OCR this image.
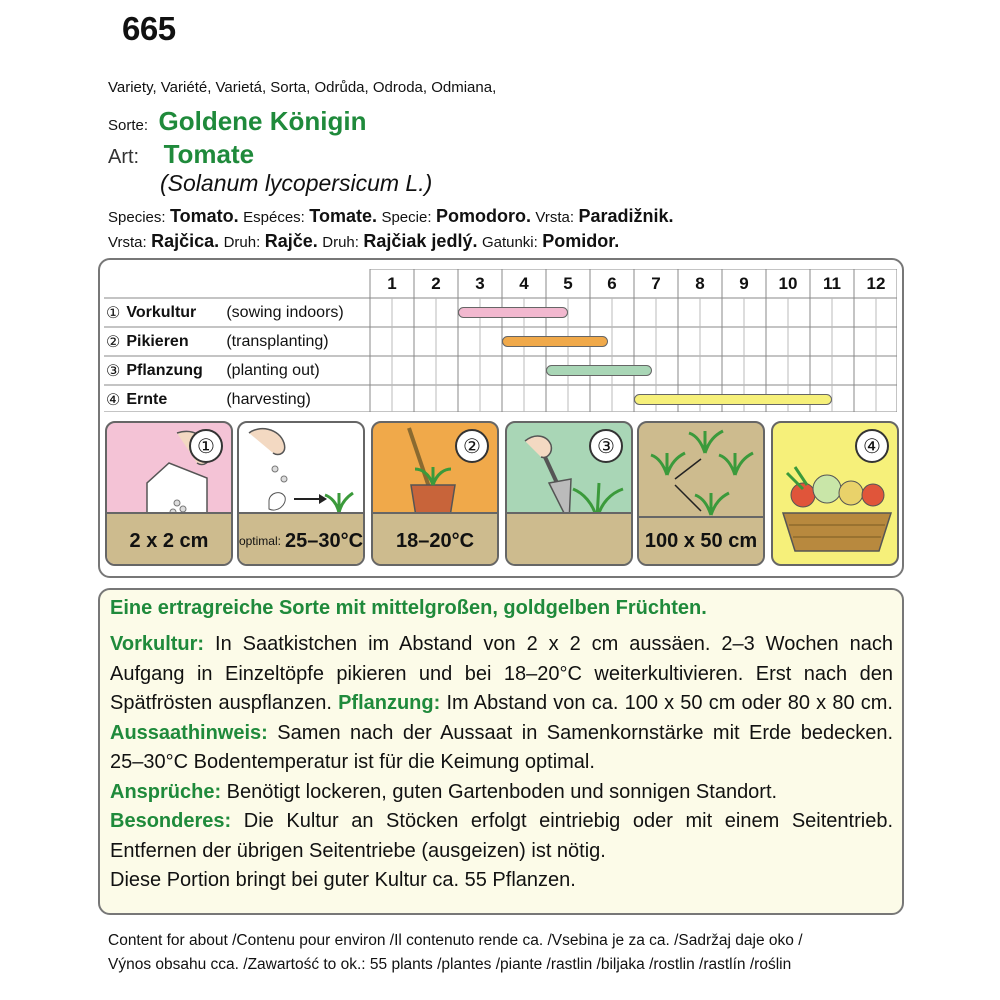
665
Variety, Variété, Varietá, Sorta, Odrůda, Odroda, Odmiana,
Sorte: Goldene Königin
Art: Tomate
(Solanum lycopersicum L.)
Species: Tomato. Espéces: Tomate. Specie: Pomodoro. Vrsta: Paradižnik.
Vrsta: Rajčica. Druh: Rajče. Druh: Rajčiak jedlý. Gatunki: Pomidor.
1	2	3	4	5	6	7	8	9	10	11	12
① Vorkultur	(sowing indoors)
② Pikieren	(transplanting)
③ Pflanzung	(planting out)
④ Ernte	(harvesting)
①
2 x 2 cm	optimal: 25–30°C
②
18–20°C
③
100 x 50 cm
④
Eine ertragreiche Sorte mit mittelgroßen, goldgelben Früchten.
Vorkultur: In Saatkistchen im Abstand von 2 x 2 cm aussäen. 2–3 Wochen nach Aufgang in Einzeltöpfe pikieren und bei 18–20°C weiterkultivieren. Erst nach den Spätfrösten auspflanzen. Pflanzung: Im Abstand von ca. 100 x 50 cm oder 80 x 80 cm. Aussaathinweis: Samen nach der Aussaat in Samenkornstärke mit Erde bedecken. 25–30°C Bodentemperatur ist für die Keimung optimal.
Ansprüche: Benötigt lockeren, guten Gartenboden und sonnigen Standort.
Besonderes: Die Kultur an Stöcken erfolgt eintriebig oder mit einem Seitentrieb. Entfernen der übrigen Seitentriebe (ausgeizen) ist nötig.
Diese Portion bringt bei guter Kultur ca. 55 Pflanzen.
Content for about /Contenu pour environ /Il contenuto rende ca. /Vsebina je za ca. /Sadržaj daje oko /
Výnos obsahu cca. /Zawartość to ok.: 55 plants /plantes /piante /rastlin /biljaka /rostlin /rastlín /roślin
